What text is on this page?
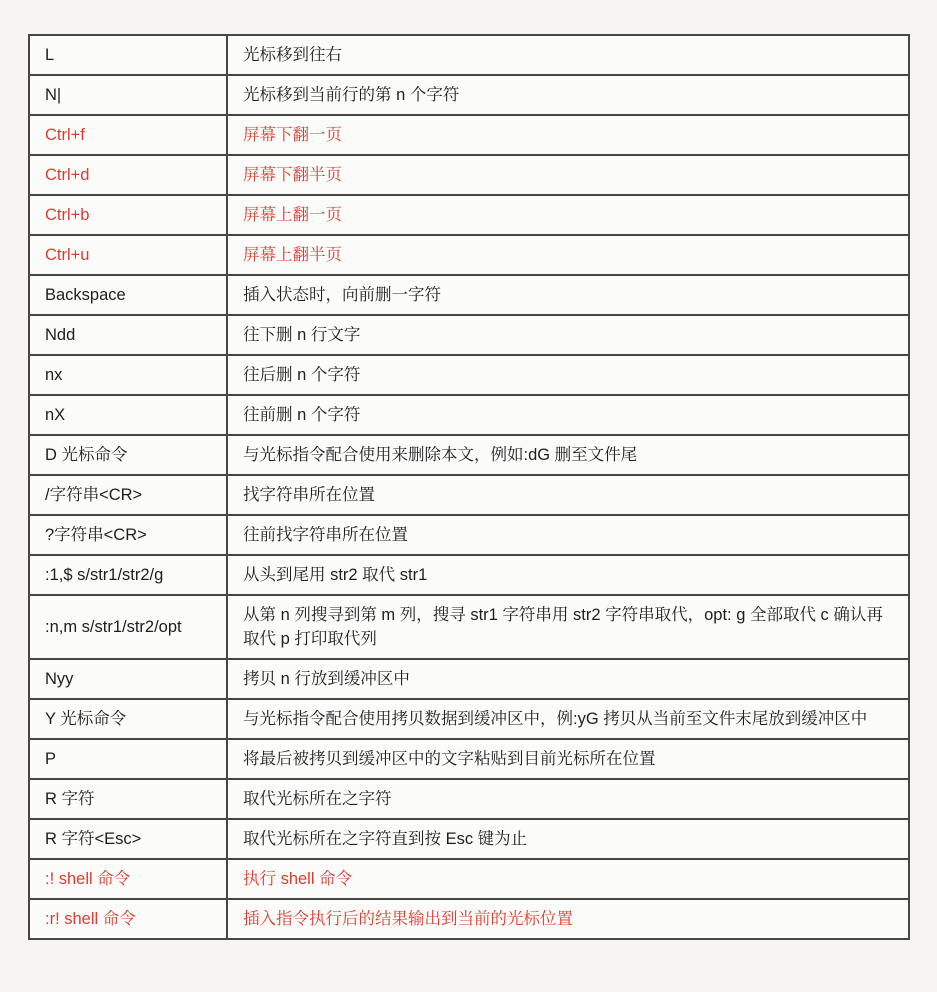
L	光标移到往右
N|	光标移到当前行的第 n 个字符
Ctrl+f	屏幕下翻一页
Ctrl+d	屏幕下翻半页
Ctrl+b	屏幕上翻一页
Ctrl+u	屏幕上翻半页
Backspace	插入状态时，向前删一字符
Ndd	往下删 n 行文字
nx	往后删 n 个字符
nX	往前删 n 个字符
D 光标命令	与光标指令配合使用来删除本文，例如:dG 删至文件尾
/字符串<CR>	找字符串所在位置
?字符串<CR>	往前找字符串所在位置
:1,$ s/str1/str2/g	从头到尾用 str2 取代 str1
:n,m s/str1/str2/opt	从第 n 列搜寻到第 m 列，搜寻 str1 字符串用 str2 字符串取代，opt: g 全部取代 c 确认再取代 p 打印取代列
Nyy	拷贝 n 行放到缓冲区中
Y 光标命令	与光标指令配合使用拷贝数据到缓冲区中，例:yG 拷贝从当前至文件末尾放到缓冲区中
P	将最后被拷贝到缓冲区中的文字粘贴到目前光标所在位置
R 字符	取代光标所在之字符
R 字符<Esc>	取代光标所在之字符直到按 Esc 键为止
:! shell 命令	执行 shell 命令
:r! shell 命令	插入指令执行后的结果输出到当前的光标位置
